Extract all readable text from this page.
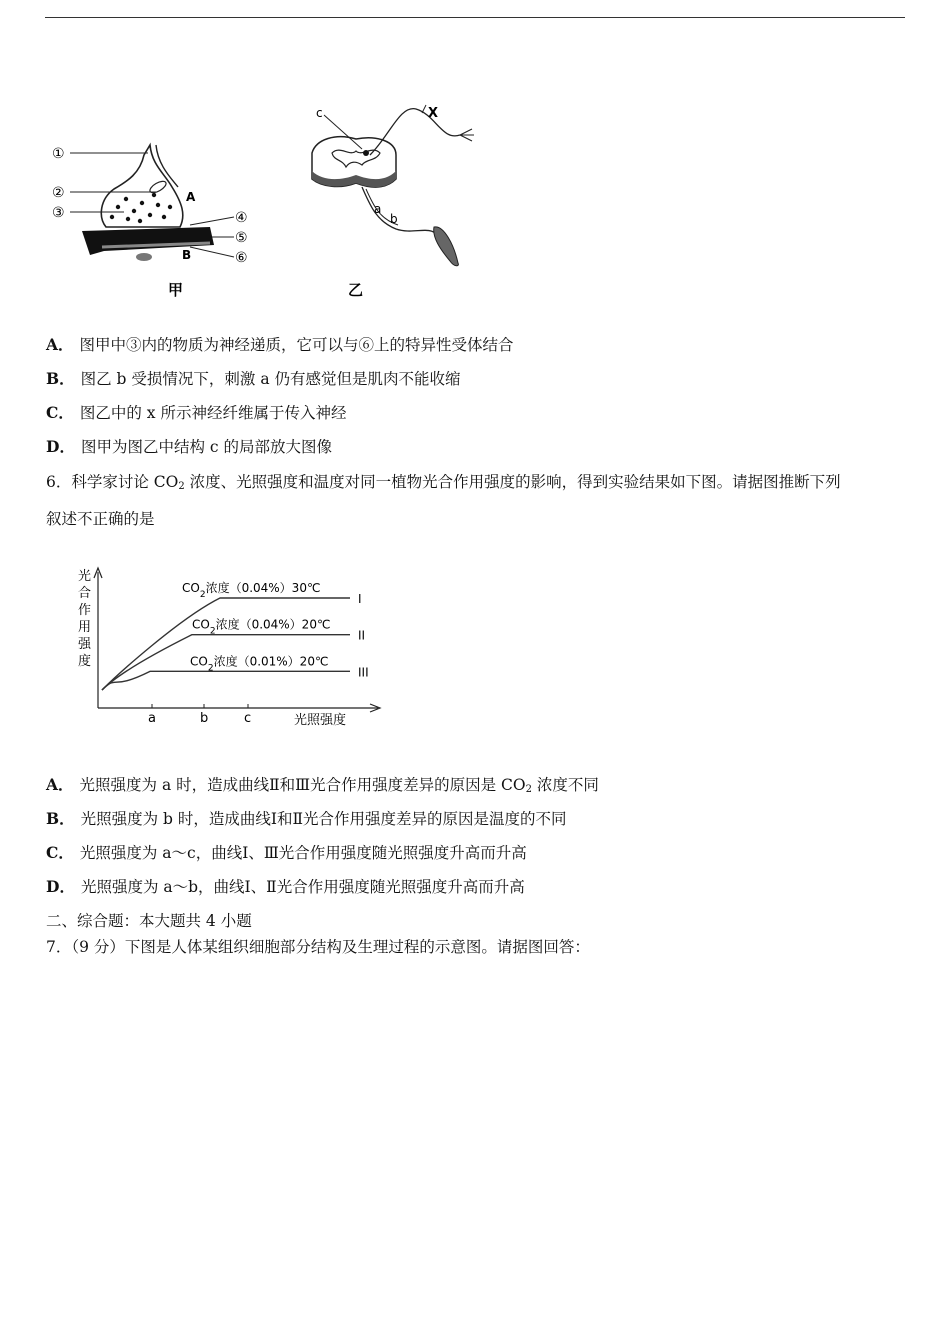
①
②
③	④
⑤
⑥
A
B
甲
c	X
a
b
乙
A． 图甲中③内的物质为神经递质，它可以与⑥上的特异性受体结合
B． 图乙 b 受损情况下，刺激 a 仍有感觉但是肌肉不能收缩
C． 图乙中的 x 所示神经纤维属于传入神经
D． 图甲为图乙中结构 c 的局部放大图像
6．科学家讨论 $CO_2$ 浓度、光照强度和温度对同一植物光合作用强度的影响，得到实验结果如下图。请据图推断下列
叙述不正确的是
光
合
作
用
强
度
$CO_2$浓度（0.04%）30℃
I
$CO_2$浓度（0.04%）20℃
II
$CO_2$浓度（0.01%）20℃
III
a	b	c	光照强度
A． 光照强度为 a 时，造成曲线Ⅱ和Ⅲ光合作用强度差异的原因是 $CO_2$ 浓度不同
B． 光照强度为 b 时，造成曲线Ⅰ和Ⅱ光合作用强度差异的原因是温度的不同
C． 光照强度为 a～c，曲线Ⅰ、Ⅲ光合作用强度随光照强度升高而升高
D． 光照强度为 a～b，曲线Ⅰ、Ⅱ光合作用强度随光照强度升高而升高
二、综合题：本大题共 4 小题
7．（9 分）下图是人体某组织细胞部分结构及生理过程的示意图。请据图回答：
